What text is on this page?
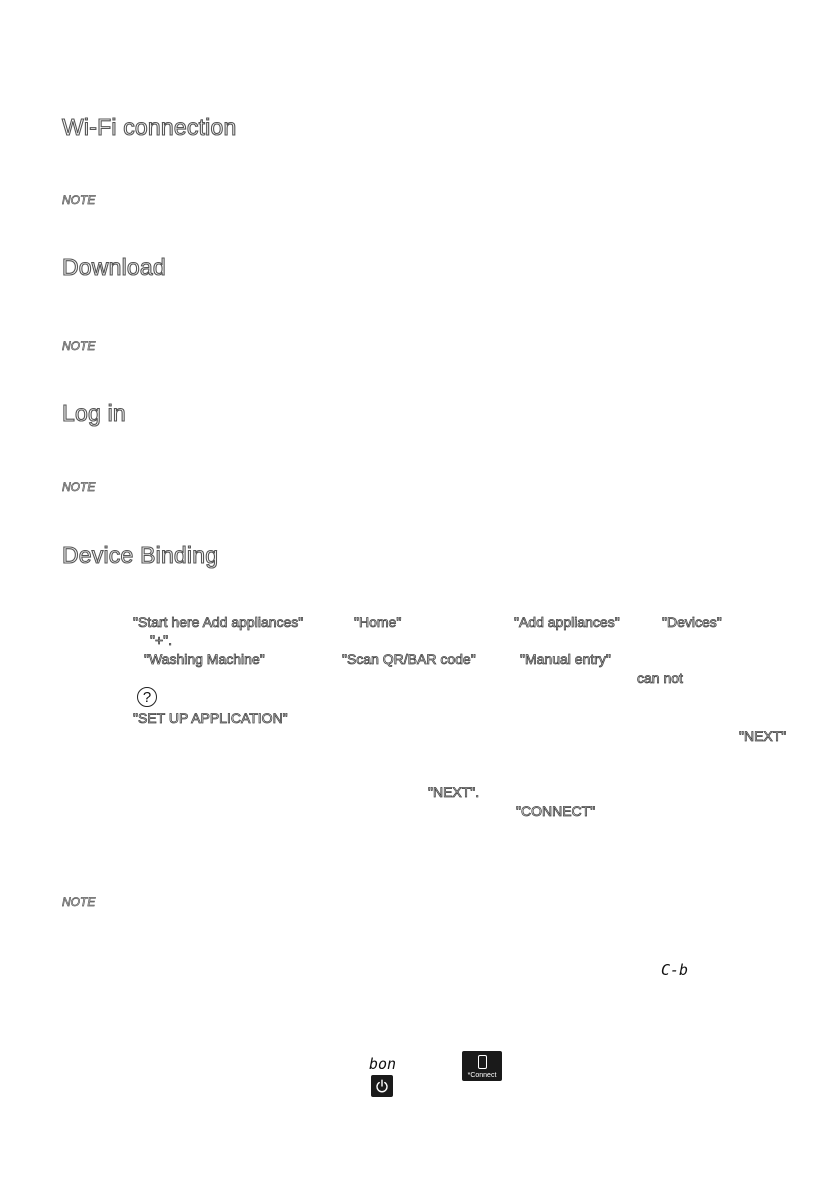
Wi-Fi connection
NOTE
Download
NOTE
Log in
NOTE
Device Binding
"Start here Add appliances"	"Home"	"Add appliances"	"Devices"
"+".
"Washing Machine"	"Scan QR/BAR code"	"Manual entry"
can not
?
"SET UP APPLICATION"
"NEXT"
"NEXT".
"CONNECT"
NOTE
C-b
bon
*Connect
